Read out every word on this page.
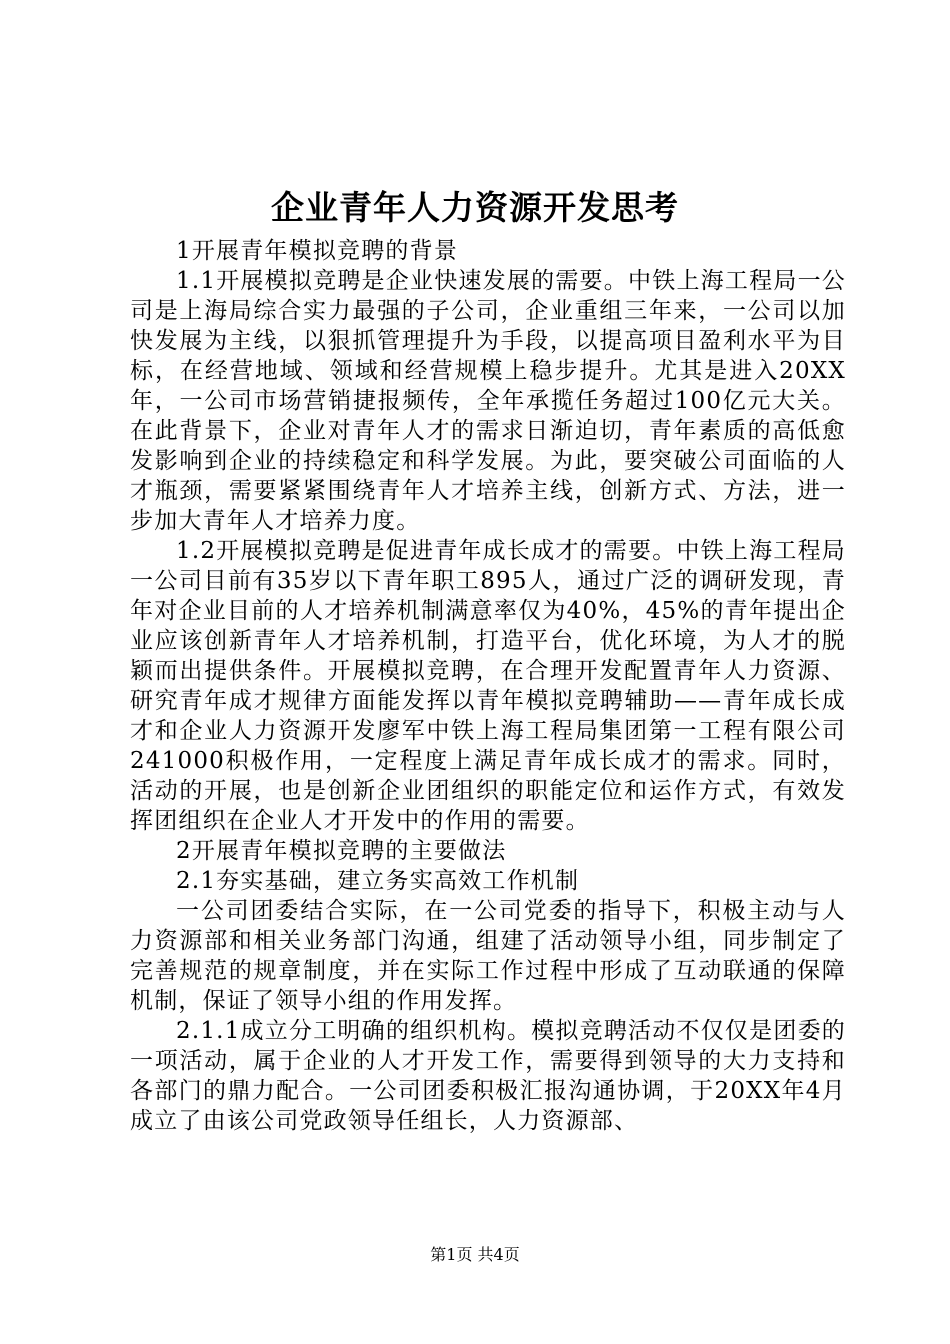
企业青年人力资源开发思考

1开展青年模拟竞聘的背景

1.1开展模拟竞聘是企业快速发展的需要。中铁上海工程局一公司是上海局综合实力最强的子公司，企业重组三年来，一公司以加快发展为主线，以狠抓管理提升为手段，以提高项目盈利水平为目标，在经营地域、领域和经营规模上稳步提升。尤其是进入20XX年，一公司市场营销捷报频传，全年承揽任务超过100亿元大关。在此背景下，企业对青年人才的需求日渐迫切，青年素质的高低愈发影响到企业的持续稳定和科学发展。为此，要突破公司面临的人才瓶颈，需要紧紧围绕青年人才培养主线，创新方式、方法，进一步加大青年人才培养力度。

1.2开展模拟竞聘是促进青年成长成才的需要。中铁上海工程局一公司目前有35岁以下青年职工895人，通过广泛的调研发现，青年对企业目前的人才培养机制满意率仅为40%，45%的青年提出企业应该创新青年人才培养机制，打造平台，优化环境，为人才的脱颖而出提供条件。开展模拟竞聘，在合理开发配置青年人力资源、研究青年成才规律方面能发挥以青年模拟竞聘辅助——青年成长成才和企业人力资源开发廖军中铁上海工程局集团第一工程有限公司241000积极作用，一定程度上满足青年成长成才的需求。同时，活动的开展，也是创新企业团组织的职能定位和运作方式，有效发挥团组织在企业人才开发中的作用的需要。

2开展青年模拟竞聘的主要做法

2.1夯实基础，建立务实高效工作机制

一公司团委结合实际，在一公司党委的指导下，积极主动与人力资源部和相关业务部门沟通，组建了活动领导小组，同步制定了完善规范的规章制度，并在实际工作过程中形成了互动联通的保障机制，保证了领导小组的作用发挥。

2.1.1成立分工明确的组织机构。模拟竞聘活动不仅仅是团委的一项活动，属于企业的人才开发工作，需要得到领导的大力支持和各部门的鼎力配合。一公司团委积极汇报沟通协调，于20XX年4月成立了由该公司党政领导任组长，人力资源部、

第1页 共4页
